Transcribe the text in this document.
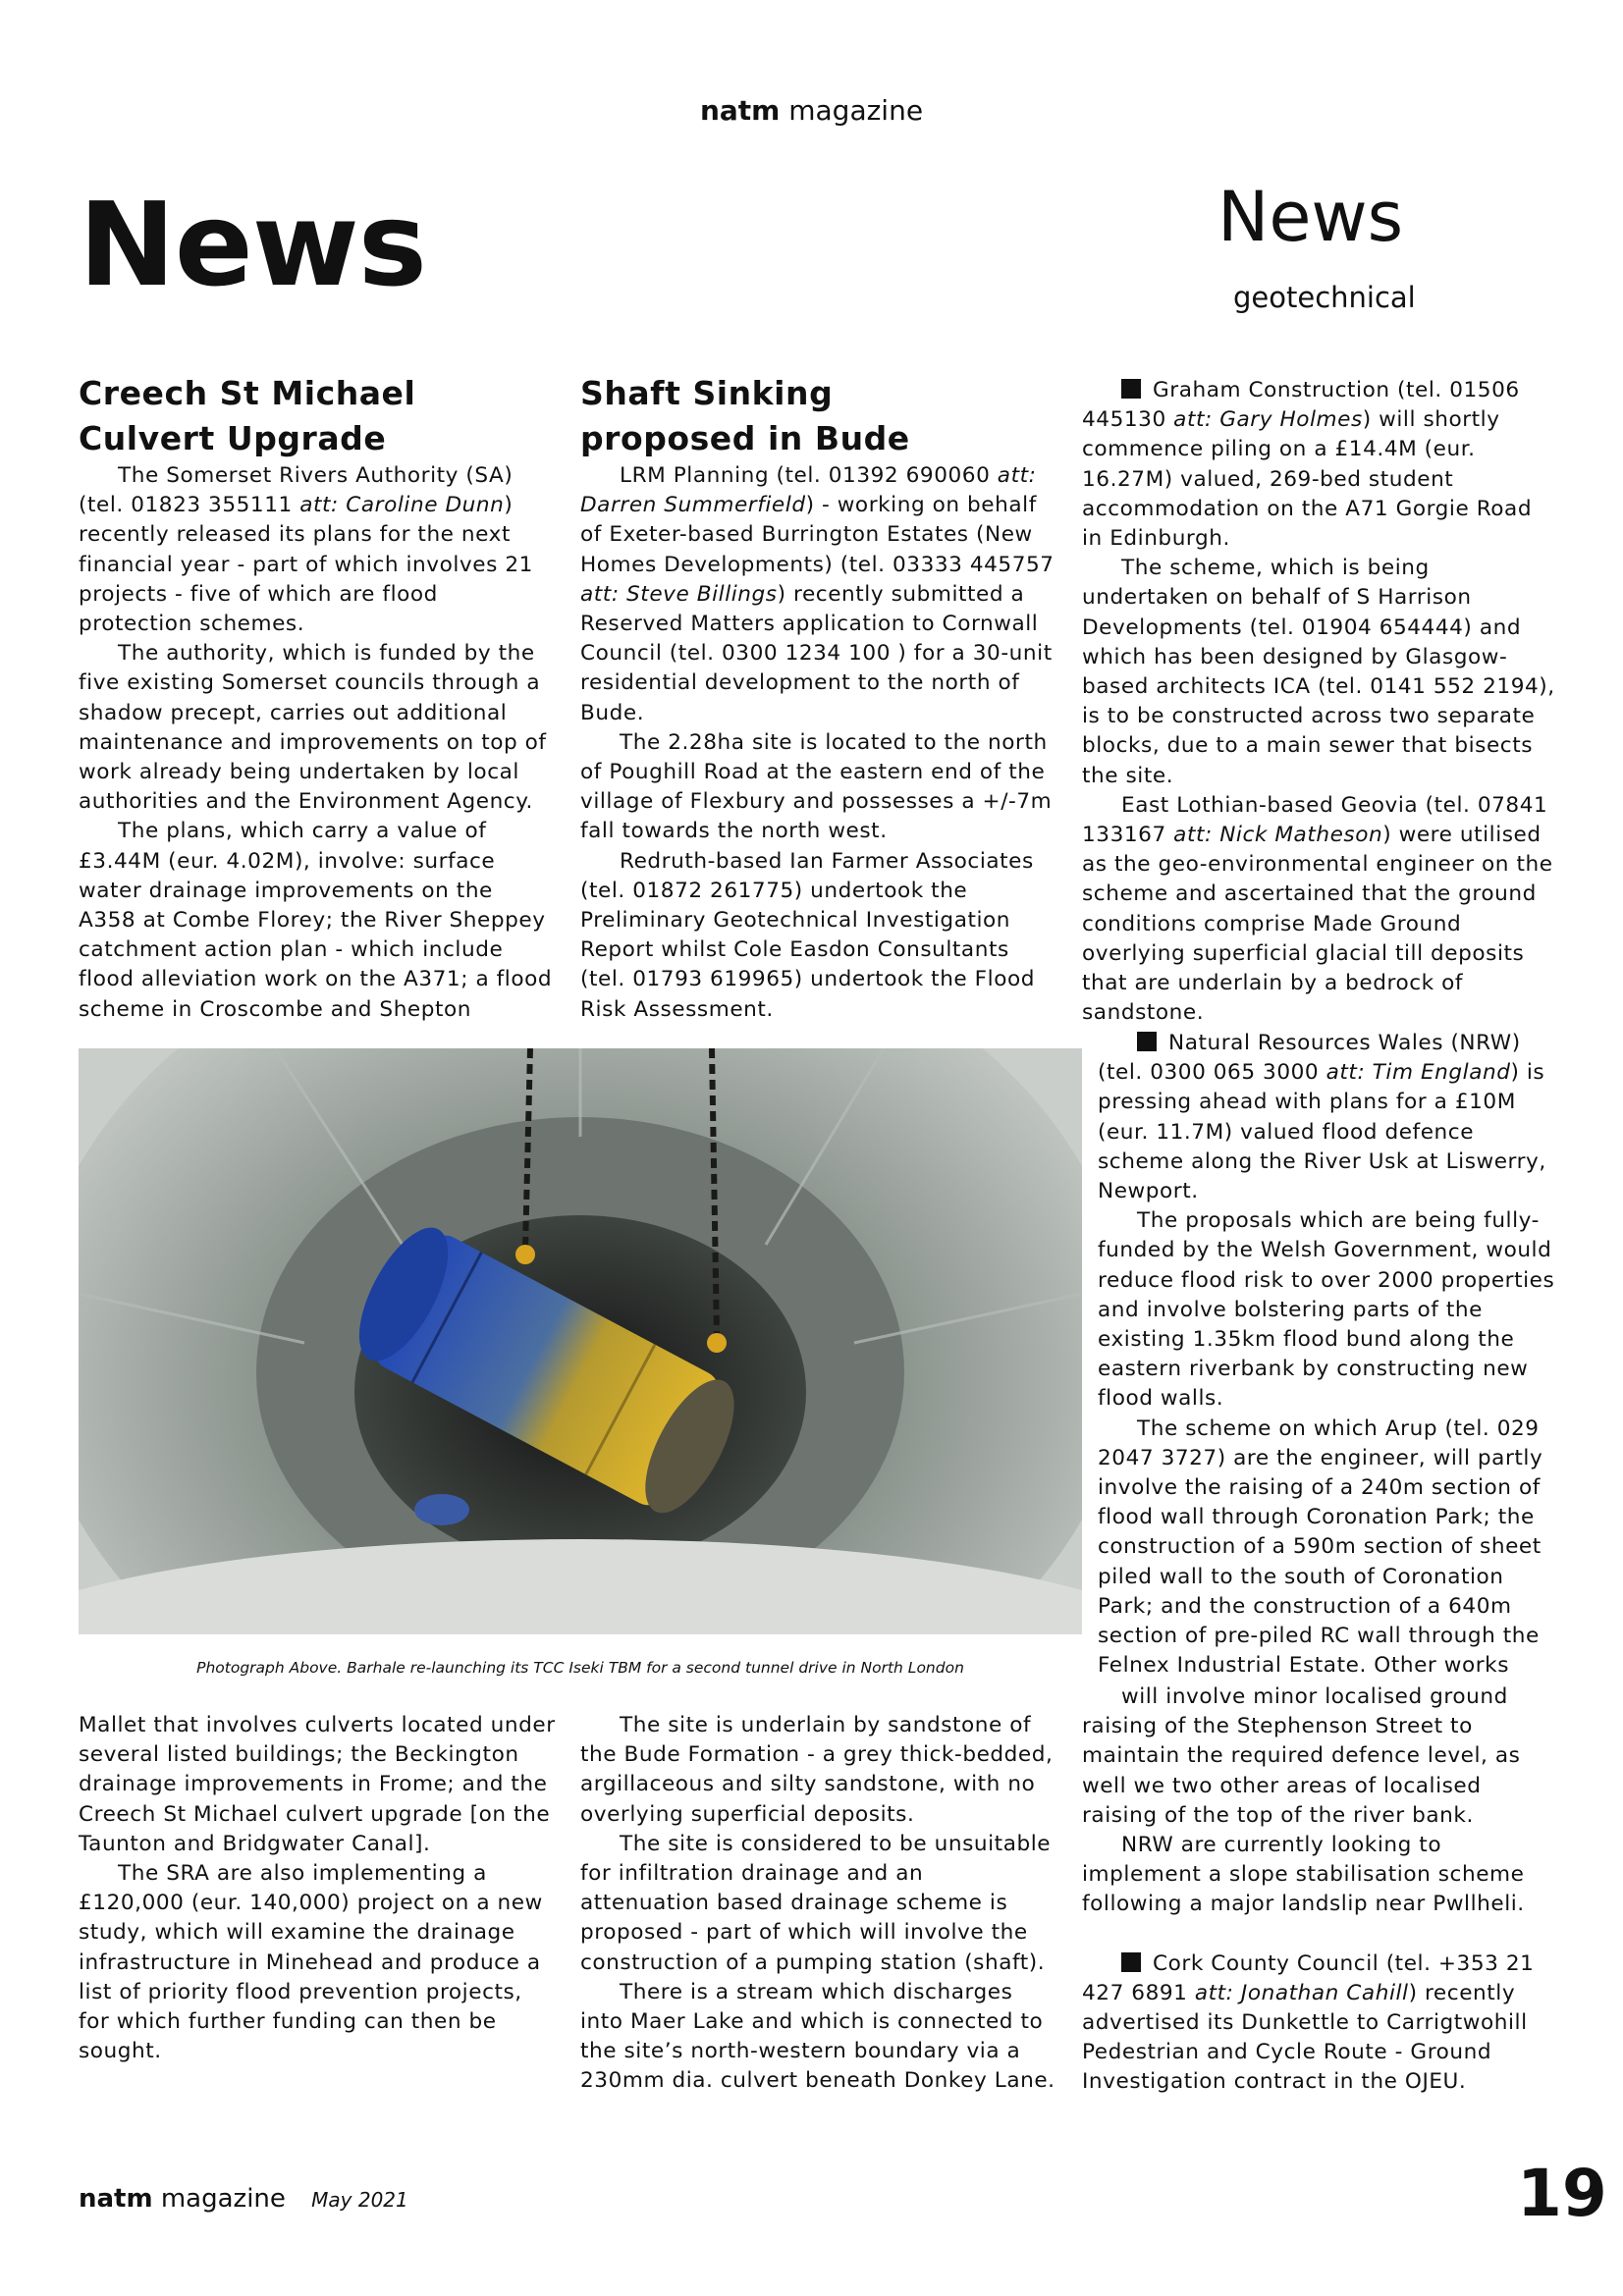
natm magazine
News	News
geotechnical
Creech St Michael
Culvert Upgrade

The Somerset Rivers Authority (SA) (tel. 01823 355111 att: Caroline Dunn) recently released its plans for the next financial year - part of which involves 21 projects - five of which are flood protection schemes.

The authority, which is funded by the five existing Somerset councils through a shadow precept, carries out additional maintenance and improvements on top of work already being undertaken by local authorities and the Environment Agency.

The plans, which carry a value of £3.44M (eur. 4.02M), involve: surface water drainage improvements on the A358 at Combe Florey; the River Sheppey catchment action plan - which include flood alleviation work on the A371; a flood scheme in Croscombe and Shepton

Shaft Sinking
proposed in Bude

LRM Planning (tel. 01392 690060 att: Darren Summerfield) - working on behalf of Exeter-based Burrington Estates (New Homes Developments) (tel. 03333 445757 att: Steve Billings) recently submitted a Reserved Matters application to Cornwall Council (tel. 0300 1234 100 ) for a 30-unit residential development to the north of Bude.

The 2.28ha site is located to the north of Poughill Road at the eastern end of the village of Flexbury and possesses a +/-7m fall towards the north west.

Redruth-based Ian Farmer Associates (tel. 01872 261775) undertook the Preliminary Geotechnical Investigation Report whilst Cole Easdon Consultants (tel. 01793 619965) undertook the Flood Risk Assessment.

Graham Construction (tel. 01506 445130 att: Gary Holmes) will shortly commence piling on a £14.4M (eur. 16.27M) valued, 269-bed student accommodation on the A71 Gorgie Road in Edinburgh.

The scheme, which is being undertaken on behalf of S Harrison Developments (tel. 01904 654444) and which has been designed by Glasgow-based architects ICA (tel. 0141 552 2194), is to be constructed across two separate blocks, due to a main sewer that bisects the site.

East Lothian-based Geovia (tel. 07841 133167 att: Nick Matheson) were utilised as the geo-environmental engineer on the scheme and ascertained that the ground conditions comprise Made Ground overlying superficial glacial till deposits that are underlain by a bedrock of sandstone.

Natural Resources Wales (NRW) (tel. 0300 065 3000 att: Tim England) is pressing ahead with plans for a £10M (eur. 11.7M) valued flood defence scheme along the River Usk at Liswerry, Newport.

The proposals which are being fully-funded by the Welsh Government, would reduce flood risk to over 2000 properties and involve bolstering parts of the existing 1.35km flood bund along the eastern riverbank by constructing new flood walls.

The scheme on which Arup (tel. 029 2047 3727) are the engineer, will partly involve the raising of a 240m section of flood wall through Coronation Park; the construction of a 590m section of sheet piled wall to the south of Coronation Park; and the construction of a 640m section of pre-piled RC wall through the Felnex Industrial Estate. Other works

will involve minor localised ground raising of the Stephenson Street to maintain the required defence level, as well we two other areas of localised raising of the top of the river bank.

NRW are currently looking to implement a slope stabilisation scheme following a major landslip near Pwllheli.

Cork County Council (tel. +353 21 427 6891 att: Jonathan Cahill) recently advertised its Dunkettle to Carrigtwohill Pedestrian and Cycle Route - Ground Investigation contract in the OJEU.

Photograph Above. Barhale re-launching its TCC Iseki TBM for a second tunnel drive in North London

Mallet that involves culverts located under several listed buildings; the Beckington drainage improvements in Frome; and the Creech St Michael culvert upgrade [on the Taunton and Bridgwater Canal].

The SRA are also implementing a £120,000 (eur. 140,000) project on a new study, which will examine the drainage infrastructure in Minehead and produce a list of priority flood prevention projects, for which further funding can then be sought.

The site is underlain by sandstone of the Bude Formation - a grey thick-bedded, argillaceous and silty sandstone, with no overlying superficial deposits.

The site is considered to be unsuitable for infiltration drainage and an attenuation based drainage scheme is proposed - part of which will involve the construction of a pumping station (shaft).

There is a stream which discharges into Maer Lake and which is connected to the site’s north-western boundary via a 230mm dia. culvert beneath Donkey Lane.

natm magazine May 2021	19
